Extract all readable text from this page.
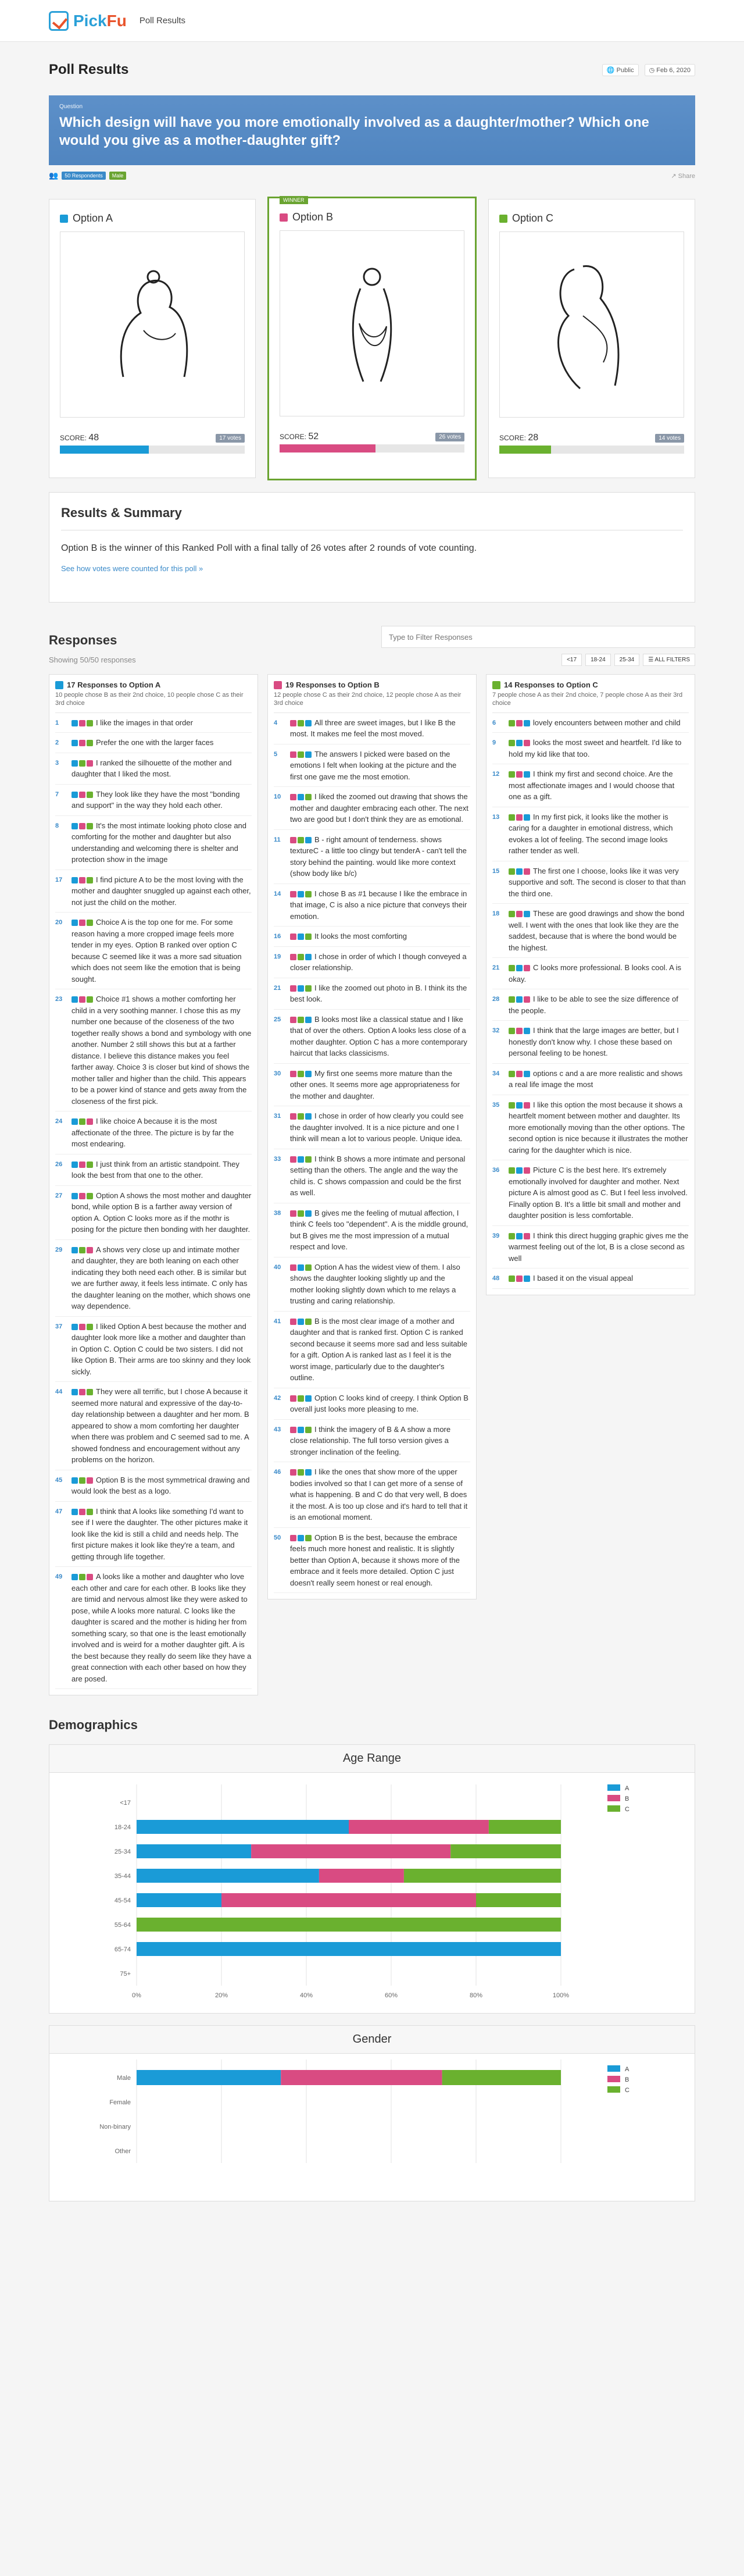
PickFu Poll Results
Poll Results	🌐 Public	◷ Feb 6, 2020
Question
Which design will have you more emotionally involved as a daughter/mother? Which one would you give as a mother-daughter gift?
👥	50 Respondents	Male	↗ Share
Option A
SCORE: 48	17 votes
WINNER
Option B
SCORE: 52	26 votes
Option C
SCORE: 28	14 votes
Results & Summary

Option B is the winner of this Ranked Poll with a final tally of 26 votes after 2 rounds of vote counting.

See how votes were counted for this poll »
Responses
Type to Filter Responses
Showing 50/50 responses	<17	18-24	25-34	☰ ALL FILTERS
17 Responses to Option A
10 people chose B as their 2nd choice, 10 people chose C as their 3rd choice
1	I like the images in that order

2	Prefer the one with the larger faces

3	I ranked the silhouette of the mother and daughter that I liked the most.

7	They look like they have the most "bonding and support" in the way they hold each other.

8	It's the most intimate looking photo close and comforting for the mother and daughter but also understanding and welcoming there is shelter and protection show in the image

17	I find picture A to be the most loving with the mother and daughter snuggled up against each other, not just the child on the mother.

20	Choice A is the top one for me. For some reason having a more cropped image feels more tender in my eyes. Option B ranked over option C because C seemed like it was a more sad situation which does not seem like the emotion that is being sought.

23	Choice #1 shows a mother comforting her child in a very soothing manner. I chose this as my number one because of the closeness of the two together really shows a bond and symbology with one another. Number 2 still shows this but at a farther distance. I believe this distance makes you feel farther away. Choice 3 is closer but kind of shows the mother taller and higher than the child. This appears to be a power kind of stance and gets away from the closeness of the first pick.

24	I like choice A because it is the most affectionate of the three. The picture is by far the most endearing.

26	I just think from an artistic standpoint. They look the best from that one to the other.

27	Option A shows the most mother and daughter bond, while option B is a farther away version of option A. Option C looks more as if the mothr is posing for the picture then bonding with her daughter.

29	A shows very close up and intimate mother and daughter, they are both leaning on each other indicating they both need each other. B is similar but we are further away, it feels less intimate. C only has the daughter leaning on the mother, which shows one way dependence.

37	I liked Option A best because the mother and daughter look more like a mother and daughter than in Option C. Option C could be two sisters. I did not like Option B. Their arms are too skinny and they look sickly.

44	They were all terrific, but I chose A because it seemed more natural and expressive of the day-to-day relationship between a daughter and her mom. B appeared to show a mom comforting her daughter when there was problem and C seemed sad to me. A showed fondness and encouragement without any problems on the horizon.

45	Option B is the most symmetrical drawing and would look the best as a logo.

47	I think that A looks like something I'd want to see if I were the daughter. The other pictures make it look like the kid is still a child and needs help. The first picture makes it look like they're a team, and getting through life together.

49	A looks like a mother and daughter who love each other and care for each other. B looks like they are timid and nervous almost like they were asked to pose, while A looks more natural. C looks like the daughter is scared and the mother is hiding her from something scary, so that one is the least emotionally involved and is weird for a mother daughter gift. A is the best because they really do seem like they have a great connection with each other based on how they are posed.

19 Responses to Option B
12 people chose C as their 2nd choice, 12 people chose A as their 3rd choice
4	All three are sweet images, but I like B the most. It makes me feel the most moved.

5	The answers I picked were based on the emotions I felt when looking at the picture and the first one gave me the most emotion.

10	I liked the zoomed out drawing that shows the mother and daughter embracing each other. The next two are good but I don't think they are as emotional.

11	B - right amount of tenderness. shows textureC - a little too clingy but tenderA - can't tell the story behind the painting. would like more context (show body like b/c)

14	I chose B as #1 because I like the embrace in that image, C is also a nice picture that conveys their emotion.

16	It looks the most comforting

19	I chose in order of which I though conveyed a closer relationship.

21	I like the zoomed out photo in B. I think its the best look.

25	B looks most like a classical statue and I like that of over the others. Option A looks less close of a mother daughter. Option C has a more contemporary haircut that lacks classicisms.

30	My first one seems more mature than the other ones. It seems more age appropriateness for the mother and daughter.

31	I chose in order of how clearly you could see the daughter involved. It is a nice picture and one I think will mean a lot to various people. Unique idea.

33	I think B shows a more intimate and personal setting than the others. The angle and the way the child is. C shows compassion and could be the first as well.

38	B gives me the feeling of mutual affection, I think C feels too "dependent". A is the middle ground, but B gives me the most impression of a mutual respect and love.

40	Option A has the widest view of them. I also shows the daughter looking slightly up and the mother looking slightly down which to me relays a trusting and caring relationship.

41	B is the most clear image of a mother and daughter and that is ranked first. Option C is ranked second because it seems more sad and less suitable for a gift. Option A is ranked last as I feel it is the worst image, particularly due to the daughter's outline.

42	Option C looks kind of creepy. I think Option B overall just looks more pleasing to me.

43	I think the imagery of B & A show a more close relationship. The full torso version gives a stronger inclination of the feeling.

46	I like the ones that show more of the upper bodies involved so that I can get more of a sense of what is happening. B and C do that very well, B does it the most. A is too up close and it's hard to tell that it is an emotional moment.

50	Option B is the best, because the embrace feels much more honest and realistic. It is slightly better than Option A, because it shows more of the embrace and it feels more detailed. Option C just doesn't really seem honest or real enough.

14 Responses to Option C
7 people chose A as their 2nd choice, 7 people chose A as their 3rd choice
6	lovely encounters between mother and child

9	looks the most sweet and heartfelt. I'd like to hold my kid like that too.

12	I think my first and second choice. Are the most affectionate images and I would choose that one as a gift.

13	In my first pick, it looks like the mother is caring for a daughter in emotional distress, which evokes a lot of feeling. The second image looks rather tender as well.

15	The first one I choose, looks like it was very supportive and soft. The second is closer to that than the third one.

18	These are good drawings and show the bond well. I went with the ones that look like they are the saddest, because that is where the bond would be the highest.

21	C looks more professional. B looks cool. A is okay.

28	I like to be able to see the size difference of the people.

32	I think that the large images are better, but I honestly don't know why. I chose these based on personal feeling to be honest.

34	options c and a are more realistic and shows a real life image the most

35	I like this option the most because it shows a heartfelt moment between mother and daughter. Its more emotionally moving than the other options. The second option is nice because it illustrates the mother caring for the daughter which is nice.

36	Picture C is the best here. It's extremely emotionally involved for daughter and mother. Next picture A is almost good as C. But I feel less involved. Finally option B. It's a little bit small and mother and daughter position is less comfortable.

39	I think this direct hugging graphic gives me the warmest feeling out of the lot, B is a close second as well

48	I based it on the visual appeal

Demographics
Age Range
0%	20%	40%	60%	80%	100%
<17
18-24
25-34
35-44
45-54
55-64
65-74
75+
A
B
C
Gender
Male
Female
Non-binary
Other
A
B
C
